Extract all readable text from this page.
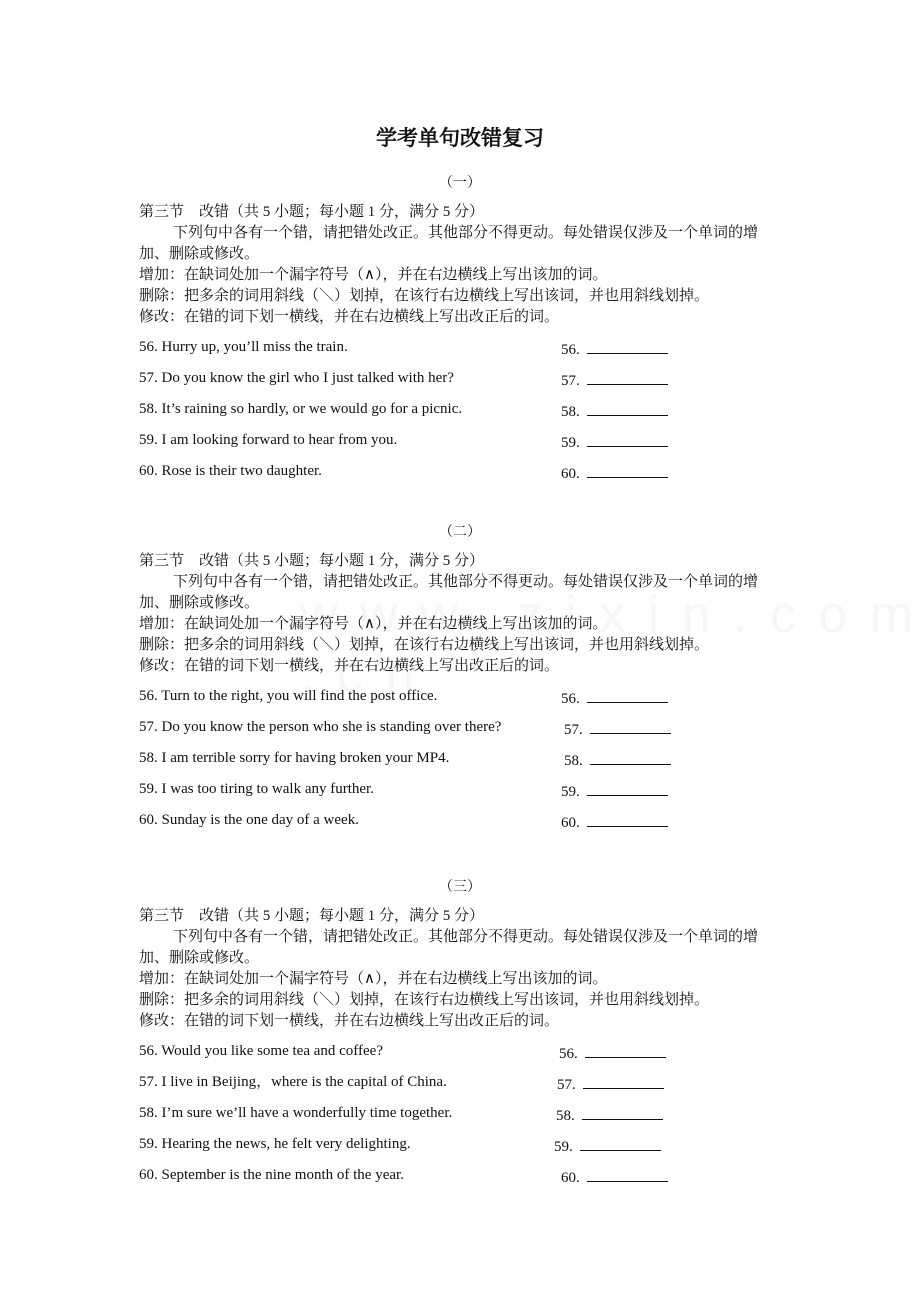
学考单句改错复习
（一）
第三节　改错（共 5 小题；每小题 1 分，满分 5 分）
下列句中各有一个错，请把错处改正。其他部分不得更动。每处错误仅涉及一个单词的增加、删除或修改。
增加：在缺词处加一个漏字符号（∧），并在右边横线上写出该加的词。
删除：把多余的词用斜线（＼）划掉，在该行右边横线上写出该词，并也用斜线划掉。
修改：在错的词下划一横线，并在右边横线上写出改正后的词。
56. Hurry up, you’ll miss the train.	56.
57. Do you know the girl who I just talked with her?	57.
58. It’s raining so hardly, or we would go for a picnic.	58.
59. I am looking forward to hear from you.	59.
60. Rose is their two daughter.	60.
（二）
第三节　改错（共 5 小题；每小题 1 分，满分 5 分）
下列句中各有一个错，请把错处改正。其他部分不得更动。每处错误仅涉及一个单词的增加、删除或修改。
增加：在缺词处加一个漏字符号（∧），并在右边横线上写出该加的词。
删除：把多余的词用斜线（＼）划掉，在该行右边横线上写出该词，并也用斜线划掉。
修改：在错的词下划一横线，并在右边横线上写出改正后的词。
56. Turn to the right, you will find the post office.	56.
57. Do you know the person who she is standing over there?	57.
58. I am terrible sorry for having broken your MP4.	58.
59. I was too tiring to walk any further.	59.
60. Sunday is the one day of a week.	60.
（三）
第三节　改错（共 5 小题；每小题 1 分，满分 5 分）
下列句中各有一个错，请把错处改正。其他部分不得更动。每处错误仅涉及一个单词的增加、删除或修改。
增加：在缺词处加一个漏字符号（∧），并在右边横线上写出该加的词。
删除：把多余的词用斜线（＼）划掉，在该行右边横线上写出该词，并也用斜线划掉。
修改：在错的词下划一横线，并在右边横线上写出改正后的词。
56. Would you like some tea and coffee?	56.
57. I live in Beijing，where is the capital of China.	57.
58. I’m sure we’ll have a wonderfully time together.	58.
59. Hearing the news, he felt very delighting.	59.
60. September is the nine month of the year.	60.
